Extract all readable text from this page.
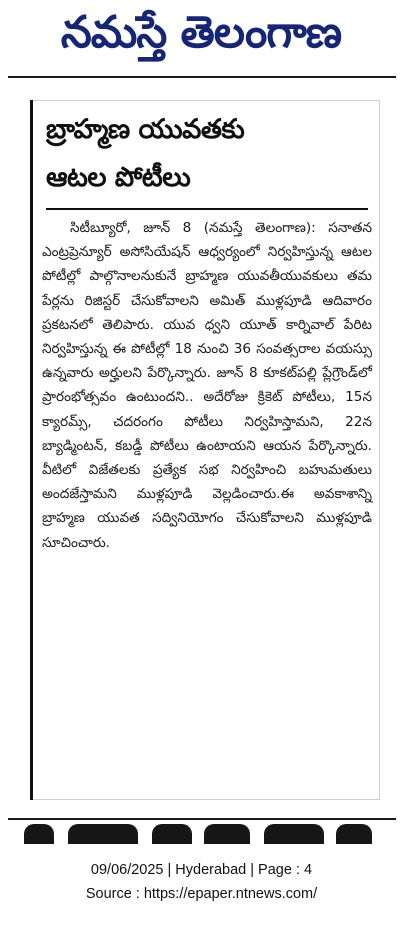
నమస్తే తెలంగాణ
బ్రాహ్మణ యువతకు
ఆటల పోటీలు
సిటీబ్యూరో, జూన్ 8 (నమస్తే తెలంగాణ): సనాతన ఎంట్రప్రెన్యూర్ అసోసియేషన్ ఆధ్వర్యంలో నిర్వహిస్తున్న ఆటల పోటీల్లో పాల్గొనాలనుకునే బ్రాహ్మణ యువతీయువకులు తమ పేర్లను రిజిస్టర్ చేసుకోవాలని అమిత్ ముళ్లపూడి ఆదివారం ప్రకటనలో తెలిపారు. యువ ధ్వని యూత్ కార్నివాల్ పేరిట నిర్వహిస్తున్న ఈ పోటీల్లో 18 నుంచి 36 సంవత్సరాల వయస్సు ఉన్నవారు అర్హులని పేర్కొన్నారు. జూన్ 8 కూకట్‌పల్లి ప్లేగ్రౌండ్‌లో ప్రారంభోత్సవం ఉంటుందని.. అదేరోజు క్రికెట్ పోటీలు, 15న క్యారమ్స్, చదరంగం పోటీలు నిర్వహిస్తామని, 22న బ్యాడ్మింటన్, కబడ్డీ పోటీలు ఉంటాయని ఆయన పేర్కొన్నారు. వీటిలో విజేతలకు ప్రత్యేక సభ నిర్వహించి బహుమతులు అందజేస్తామని ముళ్లపూడి వెల్లడించారు.ఈ అవకాశాన్ని బ్రాహ్మణ యువత సద్వినియోగం చేసుకోవాలని ముళ్లపూడి సూచించారు.
09/06/2025 | Hyderabad | Page : 4
Source : https://epaper.ntnews.com/
